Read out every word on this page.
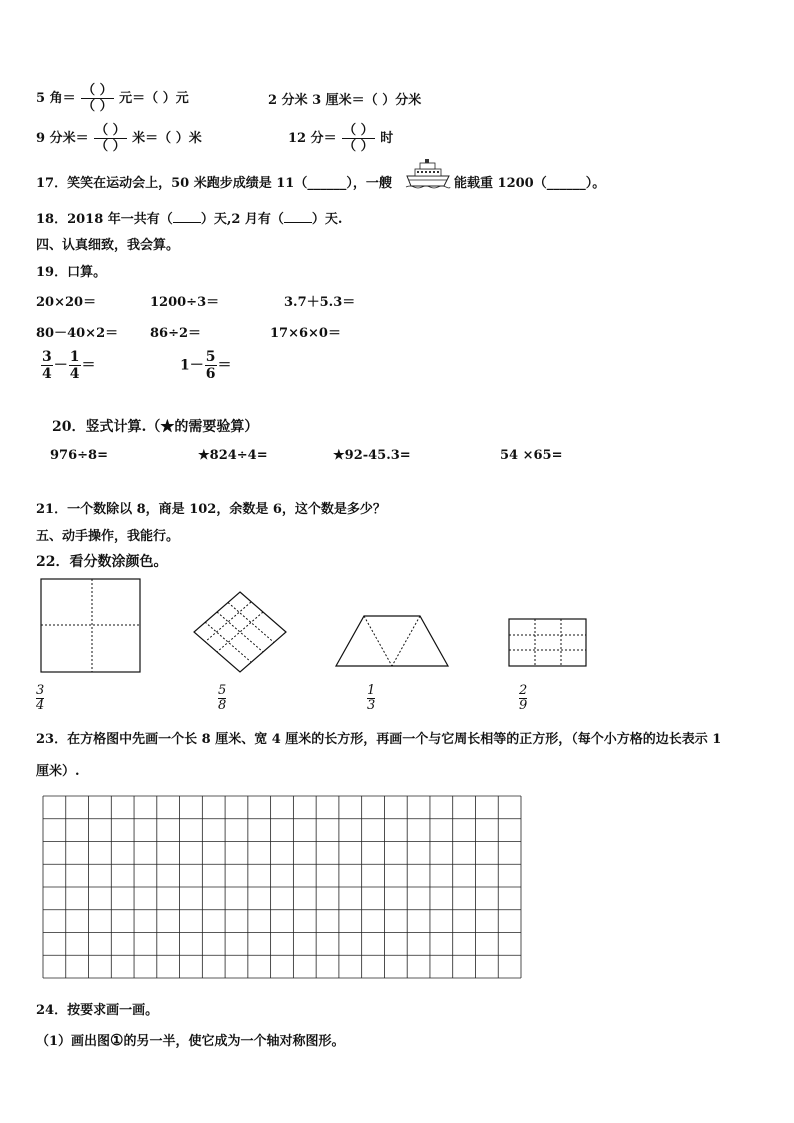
5 角＝ $\frac{( )}{( )}$ 元＝（ ）元	2 分米 3 厘米＝（ ）分米
9 分米＝ $\frac{( )}{( )}$ 米＝（ ）米	12 分＝ $\frac{( )}{( )}$ 时
17．笑笑在运动会上，50 米跑步成绩是 11（______），一艘	能载重 1200（______）。
18．2018 年一共有（ ）天,2 月有（ ）天.
四、认真细致，我会算。
19．口算。
20×20＝	1200÷3＝	3.7＋5.3＝
80－40×2＝ 86÷2＝	17×6×0＝
$\frac{3}{4} - \frac{1}{4}$ ＝	$1- \frac{5}{6}$ ＝
20．竖式计算.（★的需要验算）
976÷8=	★824÷4=	★92-45.3=	54 ×65=
21．一个数除以 8，商是 102，余数是 6，这个数是多少？
五、动手操作，我能行。
22．看分数涂颜色。
$\frac{3}{4}$	$\frac{5}{8}$	$\frac{1}{3}$	$\frac{2}{9}$
23．在方格图中先画一个长 8 厘米、宽 4 厘米的长方形，再画一个与它周长相等的正方形，（每个小方格的边长表示 1
厘米）.
24．按要求画一画。
（1）画出图①的另一半，使它成为一个轴对称图形。
